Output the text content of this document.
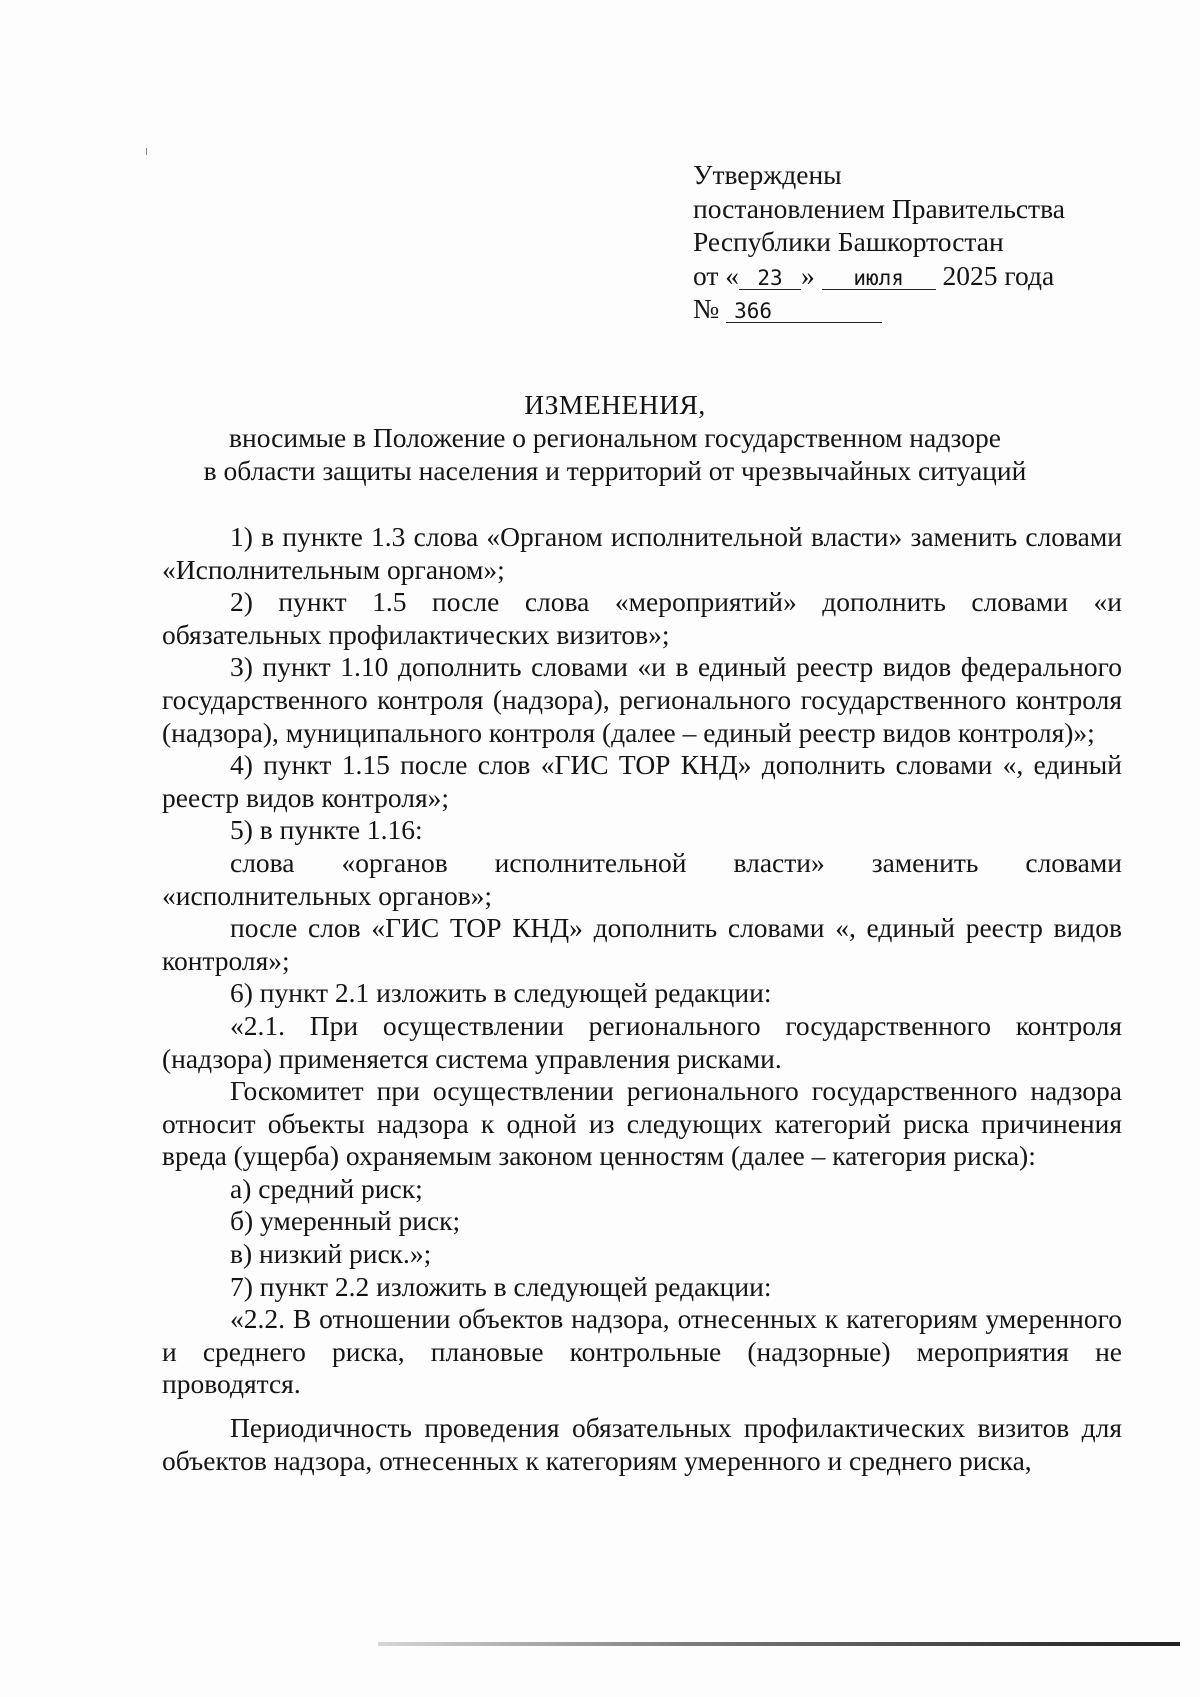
Утверждены
постановлением Правительства
Республики Башкортостан
от « 23 » июля 2025 года
№ 366
ИЗМЕНЕНИЯ,
вносимые в Положение о региональном государственном надзоре
в области защиты населения и территорий от чрезвычайных ситуаций

1) в пункте 1.3 слова «Органом исполнительной власти» заменить словами «Исполнительным органом»;

2) пункт 1.5 после слова «мероприятий» дополнить словами «и обязательных профилактических визитов»;

3) пункт 1.10 дополнить словами «и в единый реестр видов федерального государственного контроля (надзора), регионального государственного контроля (надзора), муниципального контроля (далее – единый реестр видов контроля)»;

4) пункт 1.15 после слов «ГИС ТОР КНД» дополнить словами «, единый реестр видов контроля»;

5) в пункте 1.16:

слова «органов исполнительной власти» заменить словами «исполнительных органов»;

после слов «ГИС ТОР КНД» дополнить словами «, единый реестр видов контроля»;

6) пункт 2.1 изложить в следующей редакции:

«2.1. При осуществлении регионального государственного контроля (надзора) применяется система управления рисками.

Госкомитет при осуществлении регионального государственного надзора относит объекты надзора к одной из следующих категорий риска причинения вреда (ущерба) охраняемым законом ценностям (далее – категория риска):

а) средний риск;

б) умеренный риск;

в) низкий риск.»;

7) пункт 2.2 изложить в следующей редакции:

«2.2. В отношении объектов надзора, отнесенных к категориям умеренного и среднего риска, плановые контрольные (надзорные) мероприятия не проводятся.

Периодичность проведения обязательных профилактических визитов для объектов надзора, отнесенных к категориям умеренного и среднего риска,
